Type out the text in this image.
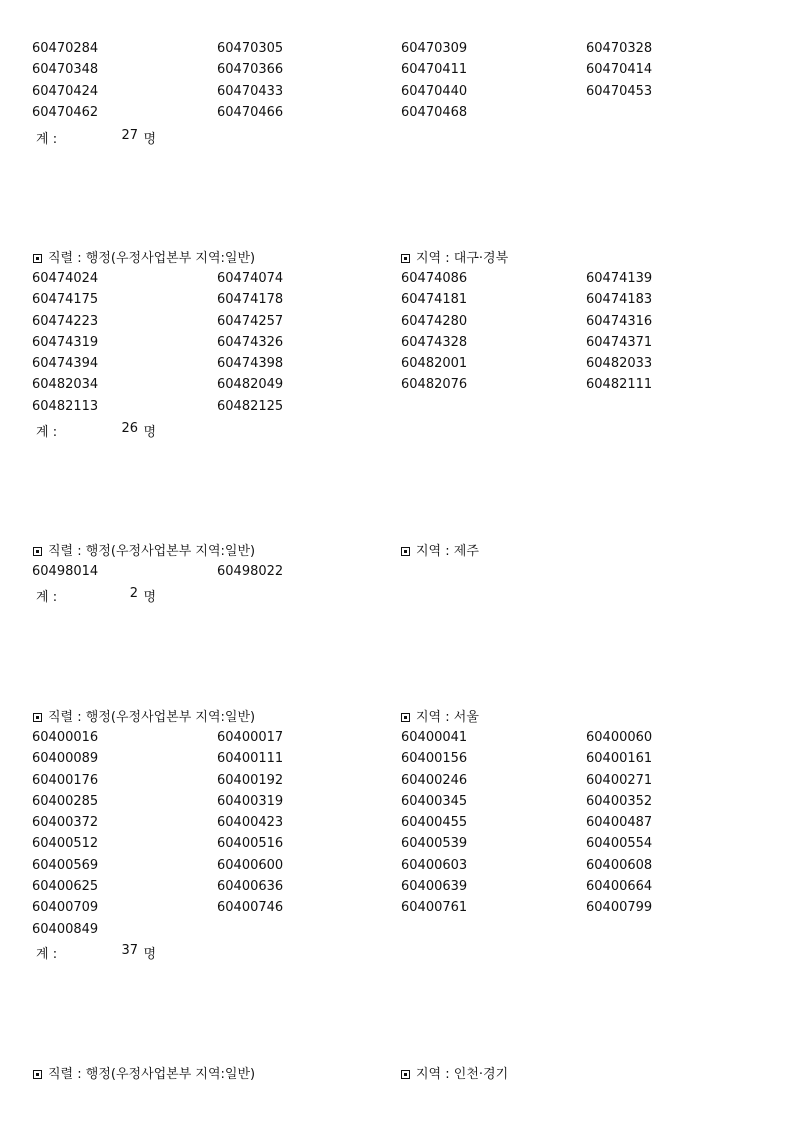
60470284	60470305	60470309	60470328
60470348	60470366	60470411	60470414
60470424	60470433	60470440	60470453
60470462	60470466	60470468
계 :	27 명
직렬 : 행정(우정사업본부 지역:일반)	지역 : 대구·경북
60474024	60474074	60474086	60474139
60474175	60474178	60474181	60474183
60474223	60474257	60474280	60474316
60474319	60474326	60474328	60474371
60474394	60474398	60482001	60482033
60482034	60482049	60482076	60482111
60482113	60482125
계 :	26 명
직렬 : 행정(우정사업본부 지역:일반)	지역 : 제주
60498014	60498022
계 :	2 명
직렬 : 행정(우정사업본부 지역:일반)	지역 : 서울
60400016	60400017	60400041	60400060
60400089	60400111	60400156	60400161
60400176	60400192	60400246	60400271
60400285	60400319	60400345	60400352
60400372	60400423	60400455	60400487
60400512	60400516	60400539	60400554
60400569	60400600	60400603	60400608
60400625	60400636	60400639	60400664
60400709	60400746	60400761	60400799
60400849
계 :	37 명
직렬 : 행정(우정사업본부 지역:일반)	지역 : 인천·경기
